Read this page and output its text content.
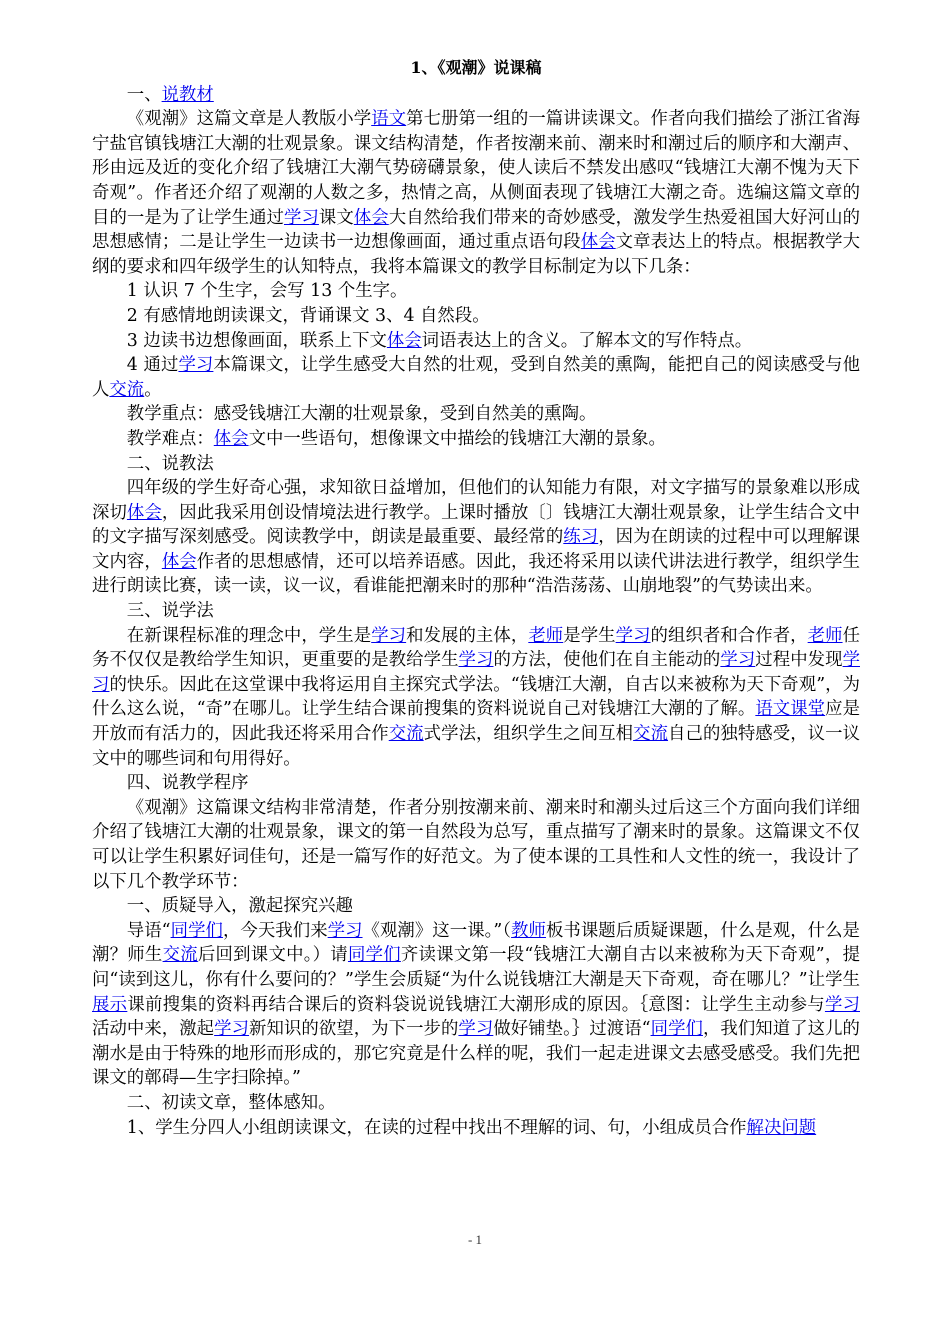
1、《观潮》说课稿

一、说教材

《观潮》这篇文章是人教版小学语文第七册第一组的一篇讲读课文。作者向我们描绘了浙江省海宁盐官镇钱塘江大潮的壮观景象。课文结构清楚，作者按潮来前、潮来时和潮过后的顺序和大潮声、形由远及近的变化介绍了钱塘江大潮气势磅礴景象，使人读后不禁发出感叹“钱塘江大潮不愧为天下奇观”。作者还介绍了观潮的人数之多，热情之高，从侧面表现了钱塘江大潮之奇。选编这篇文章的目的一是为了让学生通过学习课文体会大自然给我们带来的奇妙感受，激发学生热爱祖国大好河山的思想感情；二是让学生一边读书一边想像画面，通过重点语句段体会文章表达上的特点。根据教学大纲的要求和四年级学生的认知特点，我将本篇课文的教学目标制定为以下几条：

1 认识 7 个生字，会写 13 个生字。

2 有感情地朗读课文，背诵课文 3、4 自然段。

3 边读书边想像画面，联系上下文体会词语表达上的含义。了解本文的写作特点。

4 通过学习本篇课文，让学生感受大自然的壮观，受到自然美的熏陶，能把自己的阅读感受与他人交流。

教学重点：感受钱塘江大潮的壮观景象，受到自然美的熏陶。

教学难点：体会文中一些语句，想像课文中描绘的钱塘江大潮的景象。

二、说教法

四年级的学生好奇心强，求知欲日益增加，但他们的认知能力有限，对文字描写的景象难以形成深切体会，因此我采用创设情境法进行教学。上课时播放〔〕钱塘江大潮壮观景象，让学生结合文中的文字描写深刻感受。阅读教学中，朗读是最重要、最经常的练习，因为在朗读的过程中可以理解课文内容，体会作者的思想感情，还可以培养语感。因此，我还将采用以读代讲法进行教学，组织学生进行朗读比赛，读一读，议一议，看谁能把潮来时的那种“浩浩荡荡、山崩地裂”的气势读出来。

三、说学法

在新课程标准的理念中，学生是学习和发展的主体，老师是学生学习的组织者和合作者，老师任务不仅仅是教给学生知识，更重要的是教给学生学习的方法，使他们在自主能动的学习过程中发现学习的快乐。因此在这堂课中我将运用自主探究式学法。“钱塘江大潮，自古以来被称为天下奇观”，为什么这么说，“奇”在哪儿。让学生结合课前搜集的资料说说自己对钱塘江大潮的了解。语文课堂应是开放而有活力的，因此我还将采用合作交流式学法，组织学生之间互相交流自己的独特感受，议一议文中的哪些词和句用得好。

四、说教学程序

《观潮》这篇课文结构非常清楚，作者分别按潮来前、潮来时和潮头过后这三个方面向我们详细介绍了钱塘江大潮的壮观景象，课文的第一自然段为总写，重点描写了潮来时的景象。这篇课文不仅可以让学生积累好词佳句，还是一篇写作的好范文。为了使本课的工具性和人文性的统一，我设计了以下几个教学环节：

一、质疑导入，激起探究兴趣

导语“同学们，今天我们来学习《观潮》这一课。”（教师板书课题后质疑课题，什么是观，什么是潮？师生交流后回到课文中。）请同学们齐读课文第一段“钱塘江大潮自古以来被称为天下奇观”，提问“读到这儿，你有什么要问的？”学生会质疑“为什么说钱塘江大潮是天下奇观，奇在哪儿？”让学生展示课前搜集的资料再结合课后的资料袋说说钱塘江大潮形成的原因。｛意图：让学生主动参与学习活动中来，激起学习新知识的欲望，为下一步的学习做好铺垫。｝过渡语“同学们，我们知道了这儿的潮水是由于特殊的地形而形成的，那它究竟是什么样的呢，我们一起走进课文去感受感受。我们先把课文的鄣碍—生字扫除掉。”

二、初读文章，整体感知。

1、学生分四人小组朗读课文，在读的过程中找出不理解的词、句，小组成员合作解决问题

- 1
